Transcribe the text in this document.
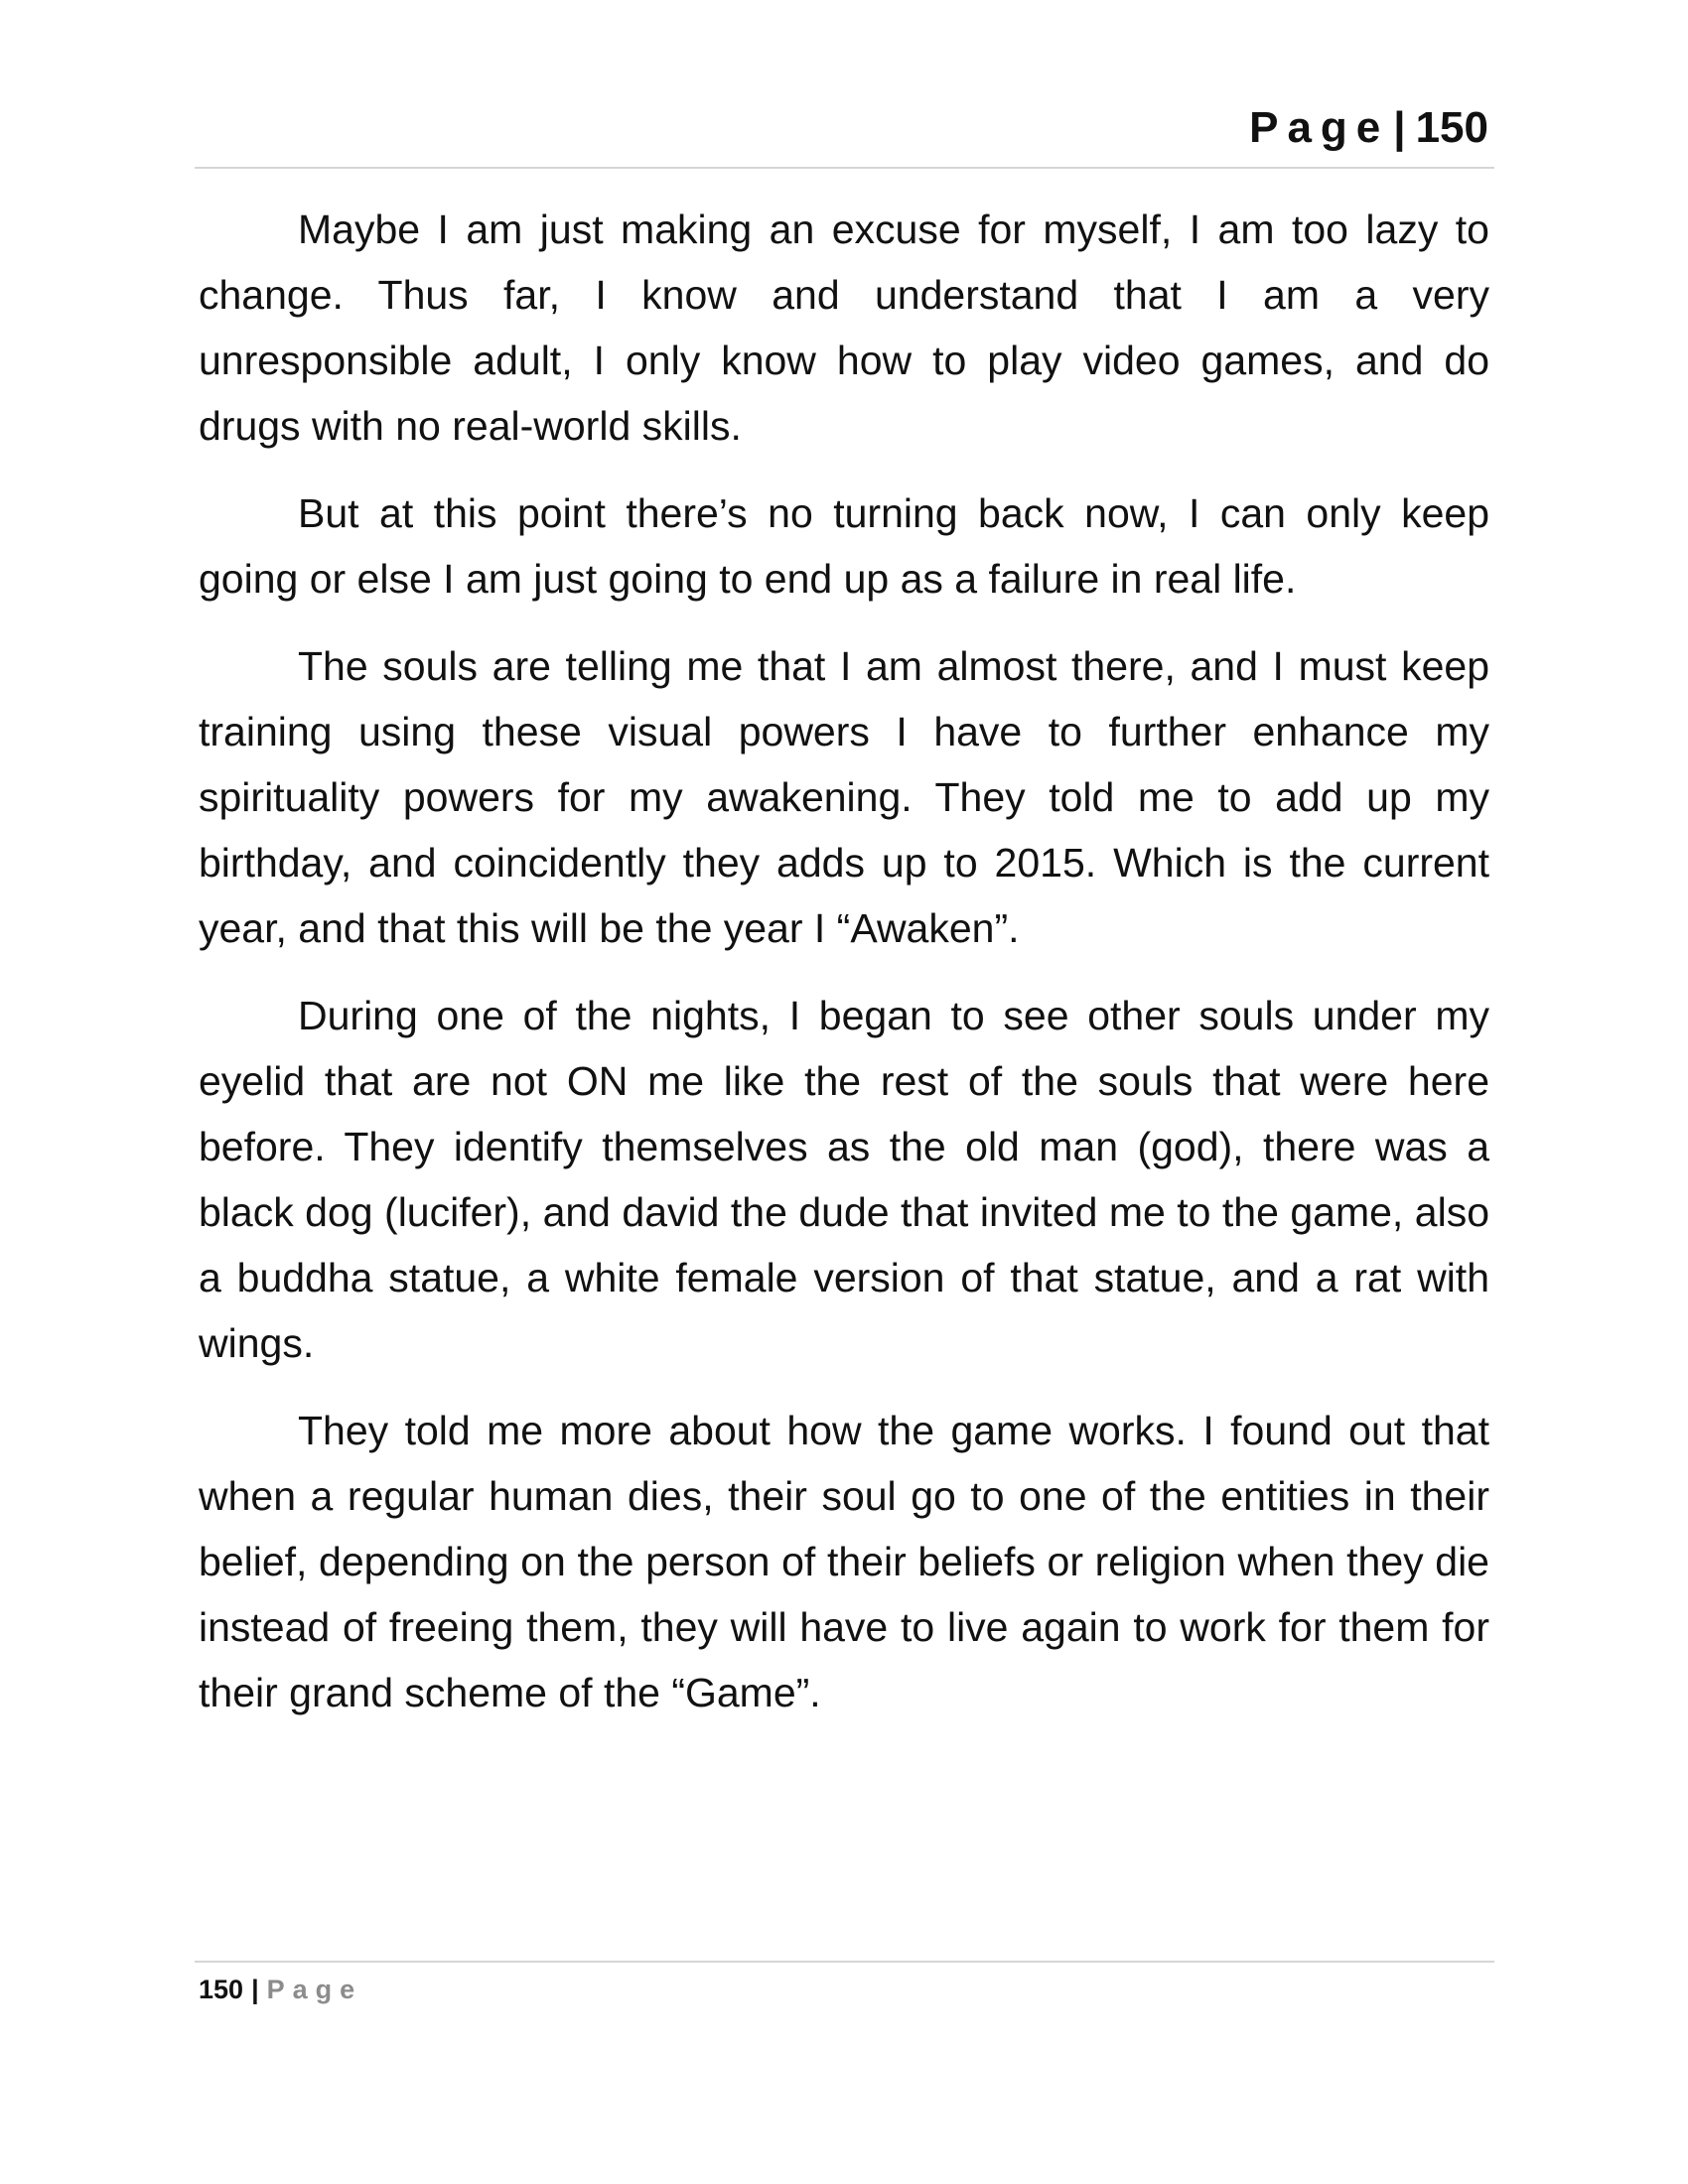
Page| 150

Maybe I am just making an excuse for myself, I am too lazy to change. Thus far, I know and understand that I am a very unresponsible adult, I only know how to play video games, and do drugs with no real-world skills.

But at this point there’s no turning back now, I can only keep going or else I am just going to end up as a failure in real life.

The souls are telling me that I am almost there, and I must keep training using these visual powers I have to further enhance my spirituality powers for my awakening. They told me to add up my birthday, and coincidently they adds up to 2015. Which is the current year, and that this will be the year I “Awaken”.

During one of the nights, I began to see other souls under my eyelid that are not ON me like the rest of the souls that were here before. They identify themselves as the old man (god), there was a black dog (lucifer), and david the dude that invited me to the game, also a buddha statue, a white female version of that statue, and a rat with wings.

They told me more about how the game works. I found out that when a regular human dies, their soul go to one of the entities in their belief, depending on the person of their beliefs or religion when they die instead of freeing them, they will have to live again to work for them for their grand scheme of the “Game”.

150 | Page
